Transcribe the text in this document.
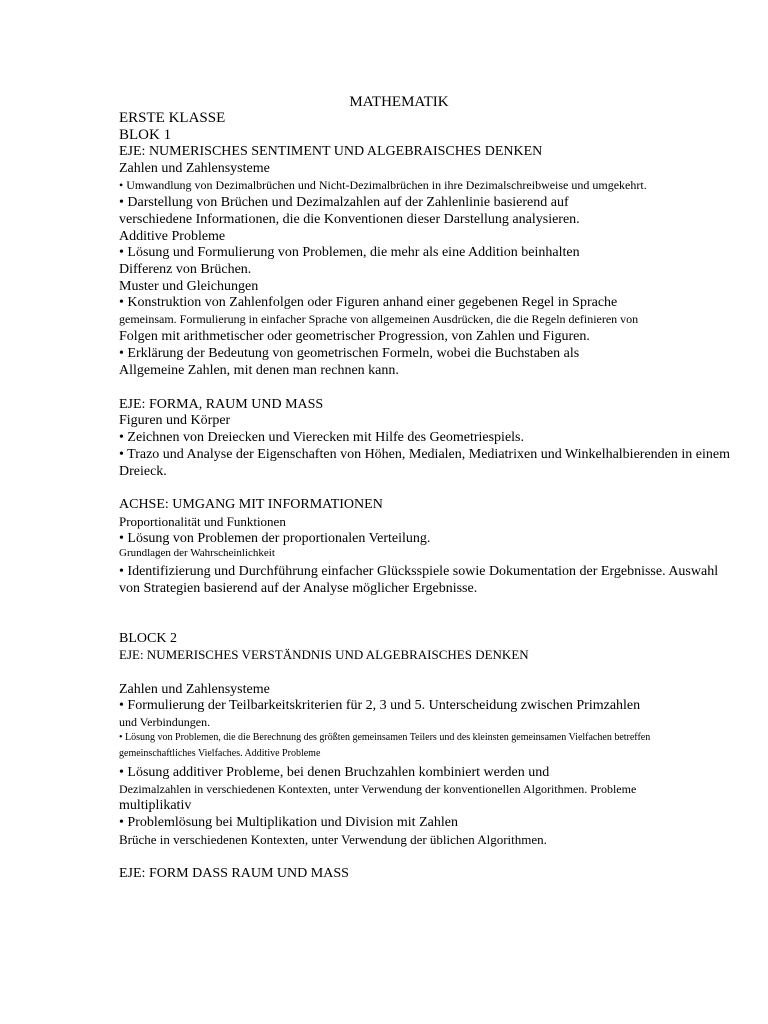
MATHEMATIK
ERSTE KLASSE
BLOK 1
EJE: NUMERISCHES SENTIMENT UND ALGEBRAISCHES DENKEN
Zahlen und Zahlensysteme
• Umwandlung von Dezimalbrüchen und Nicht-Dezimalbrüchen in ihre Dezimalschreibweise und umgekehrt.
• Darstellung von Brüchen und Dezimalzahlen auf der Zahlenlinie basierend auf
verschiedene Informationen, die die Konventionen dieser Darstellung analysieren.
Additive Probleme
• Lösung und Formulierung von Problemen, die mehr als eine Addition beinhalten
Differenz von Brüchen.
Muster und Gleichungen
• Konstruktion von Zahlenfolgen oder Figuren anhand einer gegebenen Regel in Sprache
gemeinsam. Formulierung in einfacher Sprache von allgemeinen Ausdrücken, die die Regeln definieren von
Folgen mit arithmetischer oder geometrischer Progression, von Zahlen und Figuren.
• Erklärung der Bedeutung von geometrischen Formeln, wobei die Buchstaben als
Allgemeine Zahlen, mit denen man rechnen kann.
EJE: FORMA, RAUM UND MASS
Figuren und Körper
• Zeichnen von Dreiecken und Vierecken mit Hilfe des Geometriespiels.
• Trazo und Analyse der Eigenschaften von Höhen, Medialen, Mediatrixen und Winkelhalbierenden in einem
Dreieck.
ACHSE: UMGANG MIT INFORMATIONEN
Proportionalität und Funktionen
• Lösung von Problemen der proportionalen Verteilung.
Grundlagen der Wahrscheinlichkeit
• Identifizierung und Durchführung einfacher Glücksspiele sowie Dokumentation der Ergebnisse. Auswahl
von Strategien basierend auf der Analyse möglicher Ergebnisse.
BLOCK 2
EJE: NUMERISCHES VERSTÄNDNIS UND ALGEBRAISCHES DENKEN
Zahlen und Zahlensysteme
• Formulierung der Teilbarkeitskriterien für 2, 3 und 5. Unterscheidung zwischen Primzahlen
und Verbindungen.
• Lösung von Problemen, die die Berechnung des größten gemeinsamen Teilers und des kleinsten gemeinsamen Vielfachen betreffen
gemeinschaftliches Vielfaches. Additive Probleme
• Lösung additiver Probleme, bei denen Bruchzahlen kombiniert werden und
Dezimalzahlen in verschiedenen Kontexten, unter Verwendung der konventionellen Algorithmen. Probleme
multiplikativ
• Problemlösung bei Multiplikation und Division mit Zahlen
Brüche in verschiedenen Kontexten, unter Verwendung der üblichen Algorithmen.
EJE: FORM DASS RAUM UND MASS
